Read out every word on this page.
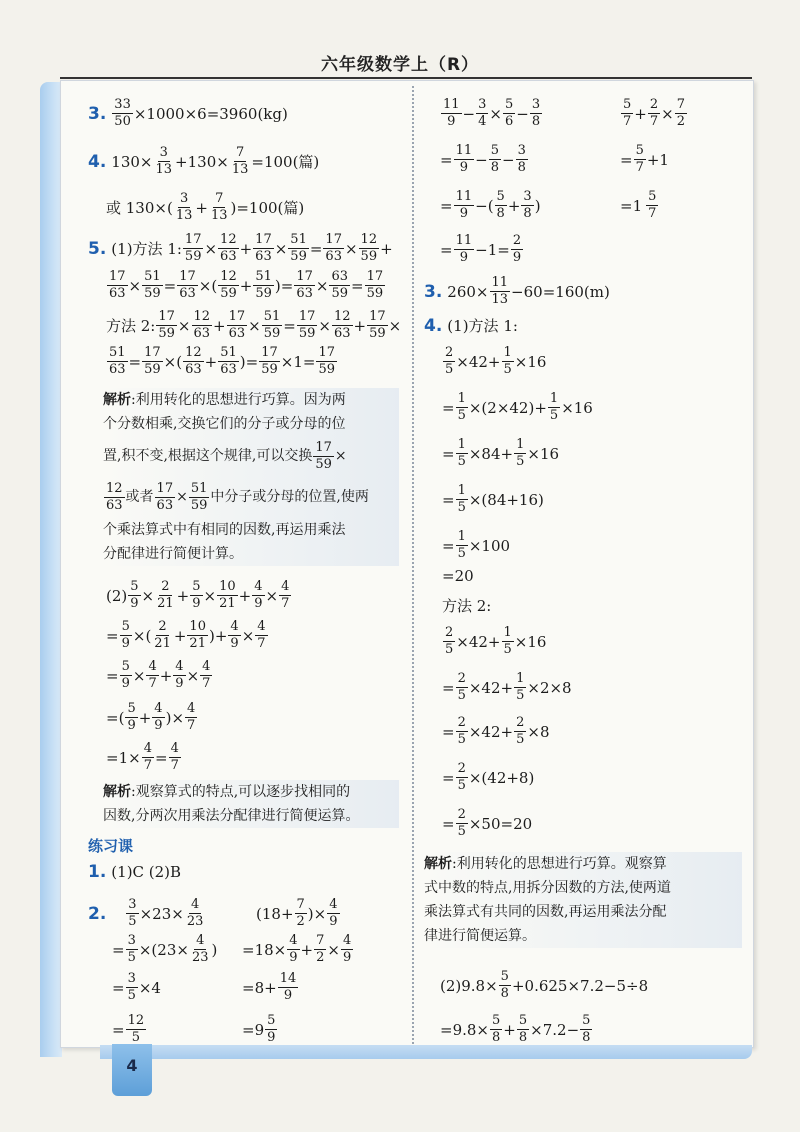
4
六年级数学上（R）
3. $\frac{33}{50} \times 1000\times 6=3960(kg)$
4. $130\times \frac{3}{13} +130\times \frac{7}{13} =100$(篇)
或 130×( 3
$13 + \frac{7}{13} )=100$(篇)
5. (1)方法 1: $\frac{17}{59} \times \frac{12}{63} + \frac{17}{63} \times \frac{51}{59} = \frac{17}{63} \times \frac{12}{59}$ +
$\frac{17}{63} \times \frac{51}{59} = \frac{17}{63}$ × ( 12
$59 + \frac{51}{59}$ ) = $\frac{17}{63} \times \frac{63}{59} = \frac{17}{59}$
方法 2: $\frac{17}{59} \times \frac{12}{63} + \frac{17}{63} \times \frac{51}{59} = \frac{17}{59} \times \frac{12}{63} + \frac{17}{59}$ ×
$\frac{51}{63} = \frac{17}{59}$ × ( 12
$63 + \frac{51}{63}$ ) = $\frac{17}{59} \times 1 = \frac{17}{59}$
解析 :利用转化的思想进行巧算。因为两
个分数相乘,交换它们的分子或分母的位
置,积不变,根据这个规律,可以交换 $\frac{17}{59}$ ×
12
63 或者 $\frac{17}{63} \times \frac{51}{59}$ 中分子或分母的位置,使两
个乘法算式中有相同的因数,再运用乘法
分配律进行简便计算。
$(2) \frac{5}{9} \times \frac{2}{21} + \frac{5}{9} \times \frac{10}{21} + \frac{4}{9} \times \frac{4}{7}$
= $\frac{5}{9}$ × ( 2
$21 + \frac{10}{21}$ ) + $\frac{4}{9} \times \frac{4}{7}$
= $\frac{5}{9} \times \frac{4}{7} + \frac{4}{9} \times \frac{4}{7}$
= ( 5
$9 + \frac{4}{9}$ ) × $\frac{4}{7}$
= $1 \times \frac{4}{7} = \frac{4}{7}$
解析 :观察算式的特点,可以逐步找相同的
因数,分两次用乘法分配律进行简便运算。
练习课
1. (1)C (2)B
2. $\frac{3}{5} \times 23\times \frac{4}{23}$	($18+ \frac{7}{2}$ )× $\frac{4}{9}$
= $\frac{3}{5} \times(23\times \frac{4}{23}$ ) $=18\times \frac{4}{9} + \frac{7}{2} \times \frac{4}{9}$
= $\frac{3}{5} \times 4$	$=8+ \frac{14}{9}$
= $\frac{12}{5}$	=9 5
9
11
$9 - \frac{3}{4} \times \frac{5}{6} - \frac{3}{8}$	5
$7 + \frac{2}{7} \times \frac{7}{2}$
= $\frac{11}{9} - \frac{5}{8} - \frac{3}{8}$	= $\frac{5}{7} +1$
= $\frac{11}{9}$ −( 5
$8 + \frac{3}{8}$ )	=1 5
7
= $\frac{11}{9} -1= \frac{2}{9}$
3. $260\times \frac{11}{13} -60=160(m)$
4. (1)方法 1:
$\frac{2}{5} \times 42+ \frac{1}{5} \times 16$
= $\frac{1}{5} \times(2\times 42)+ \frac{1}{5} \times 16$
= $\frac{1}{5} \times 84+ \frac{1}{5} \times 16$
= $\frac{1}{5} \times(84+16)$
= $\frac{1}{5} \times 100$
=20
方法 2:
$\frac{2}{5} \times 42+ \frac{1}{5} \times 16$
= $\frac{2}{5} \times 42+ \frac{1}{5} \times 2\times 8$
= $\frac{2}{5} \times 42+ \frac{2}{5} \times 8$
= $\frac{2}{5} \times(42+8)$
= $\frac{2}{5} \times 50=20$
解析 :利用转化的思想进行巧算。观察算
式中数的特点,用拆分因数的方法,使两道
乘法算式有共同的因数,再运用乘法分配
律进行简便运算。
$(2)9.8\times \frac{5}{8} +0.625\times 7.2-5\div 8$
$=9.8\times \frac{5}{8} + \frac{5}{8} \times 7.2- \frac{5}{8}$
